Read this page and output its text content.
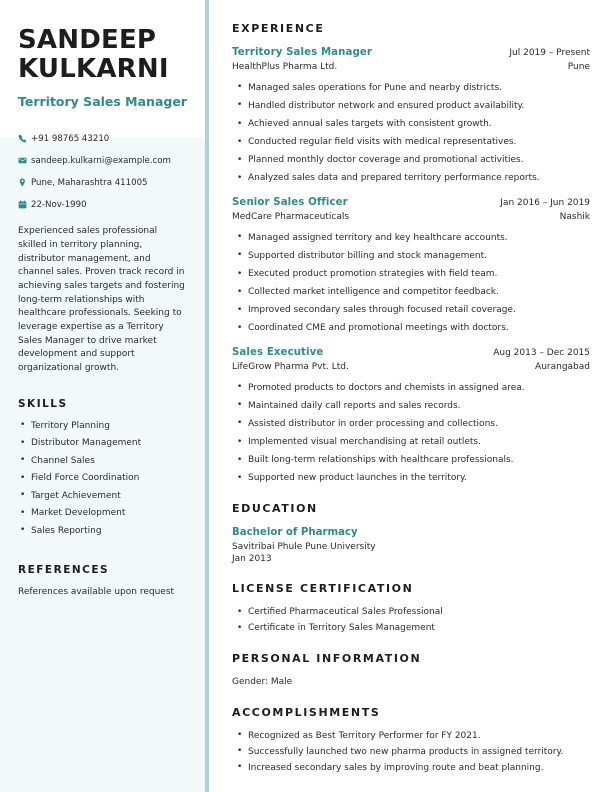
SANDEEP
KULKARNI
Territory Sales Manager
+91 98765 43210
sandeep.kulkarni@example.com
Pune, Maharashtra 411005
22-Nov-1990

Experienced sales professional skilled in territory planning, distributor management, and channel sales. Proven track record in achieving sales targets and fostering long-term relationships with healthcare professionals. Seeking to leverage expertise as a Territory Sales Manager to drive market development and support organizational growth.

SKILLS
• Territory Planning
• Distributor Management
• Channel Sales
• Field Force Coordination
• Target Achievement
• Market Development
• Sales Reporting
REFERENCES

References available upon request

EXPERIENCE
Territory Sales Manager	Jul 2019 – Present
HealthPlus Pharma Ltd.	Pune
• Managed sales operations for Pune and nearby districts.
• Handled distributor network and ensured product availability.
• Achieved annual sales targets with consistent growth.
• Conducted regular field visits with medical representatives.
• Planned monthly doctor coverage and promotional activities.
• Analyzed sales data and prepared territory performance reports.
Senior Sales Officer	Jan 2016 – Jun 2019
MedCare Pharmaceuticals	Nashik
• Managed assigned territory and key healthcare accounts.
• Supported distributor billing and stock management.
• Executed product promotion strategies with field team.
• Collected market intelligence and competitor feedback.
• Improved secondary sales through focused retail coverage.
• Coordinated CME and promotional meetings with doctors.
Sales Executive	Aug 2013 – Dec 2015
LifeGrow Pharma Pvt. Ltd.	Aurangabad
• Promoted products to doctors and chemists in assigned area.
• Maintained daily call reports and sales records.
• Assisted distributor in order processing and collections.
• Implemented visual merchandising at retail outlets.
• Built long-term relationships with healthcare professionals.
• Supported new product launches in the territory.
EDUCATION
Bachelor of Pharmacy
Savitribai Phule Pune University
Jan 2013
LICENSE CERTIFICATION
• Certified Pharmaceutical Sales Professional
• Certificate in Territory Sales Management
PERSONAL INFORMATION

Gender: Male

ACCOMPLISHMENTS
• Recognized as Best Territory Performer for FY 2021.
• Successfully launched two new pharma products in assigned territory.
• Increased secondary sales by improving route and beat planning.
